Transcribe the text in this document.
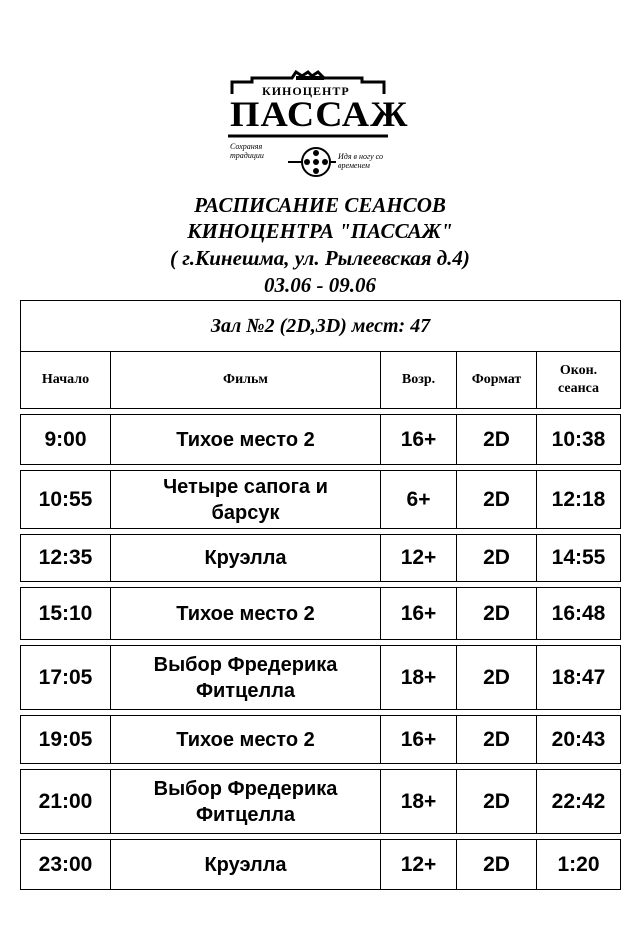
КИНОЦЕНТР
ПАССАЖ
Сохраняя традиции	Идя в ногу со временем
РАСПИСАНИЕ СЕАНСОВ
КИНОЦЕНТРА "ПАССАЖ"
( г.Кинешма, ул. Рылеевская д.4)
03.06 - 09.06
Зал №2 (2D,3D) мест: 47				
Начало	Фильм	Возр.	Формат	Окон.
сеанса

9:00	Тихое место 2	16+	2D	10:38

10:55	Четыре сапога и барсук	6+	2D	12:18

12:35	Круэлла	12+	2D	14:55

15:10	Тихое место 2	16+	2D	16:48

17:05	Выбор Фредерика Фитцелла	18+	2D	18:47

19:05	Тихое место 2	16+	2D	20:43

21:00	Выбор Фредерика Фитцелла	18+	2D	22:42

23:00	Круэлла	12+	2D	1:20
